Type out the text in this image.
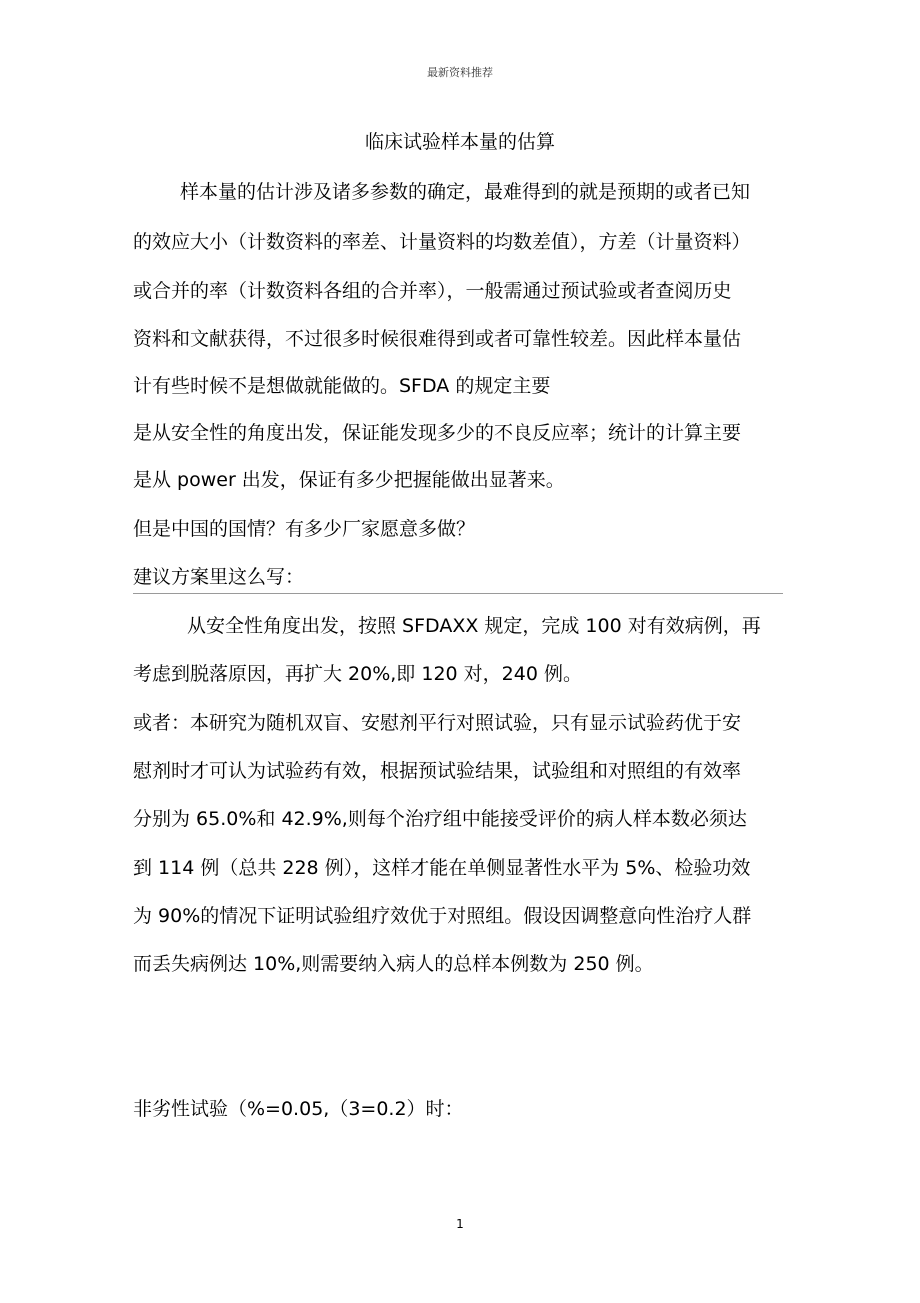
最新资料推荐
临床试验样本量的估算
样本量的估计涉及诸多参数的确定，最难得到的就是预期的或者已知
的效应大小（计数资料的率差、计量资料的均数差值），方差（计量资料）
或合并的率（计数资料各组的合并率），一般需通过预试验或者查阅历史
资料和文献获得，不过很多时候很难得到或者可靠性较差。因此样本量估
计有些时候不是想做就能做的。SFDA 的规定主要
是从安全性的角度出发，保证能发现多少的不良反应率；统计的计算主要
是从 power 出发，保证有多少把握能做出显著来。
但是中国的国情？有多少厂家愿意多做？
建议方案里这么写：
从安全性角度出发，按照 SFDAXX 规定，完成 100 对有效病例，再
考虑到脱落原因，再扩大 20%,即 120 对，240 例。
或者：本研究为随机双盲、安慰剂平行对照试验，只有显示试验药优于安
慰剂时才可认为试验药有效，根据预试验结果，试验组和对照组的有效率
分别为 65.0%和 42.9%,则每个治疗组中能接受评价的病人样本数必须达
到 114 例（总共 228 例），这样才能在单侧显著性水平为 5%、检验功效
为 90%的情况下证明试验组疗效优于对照组。假设因调整意向性治疗人群
而丢失病例达 10%,则需要纳入病人的总样本例数为 250 例。
非劣性试验（%=0.05,（3=0.2）时：
1
